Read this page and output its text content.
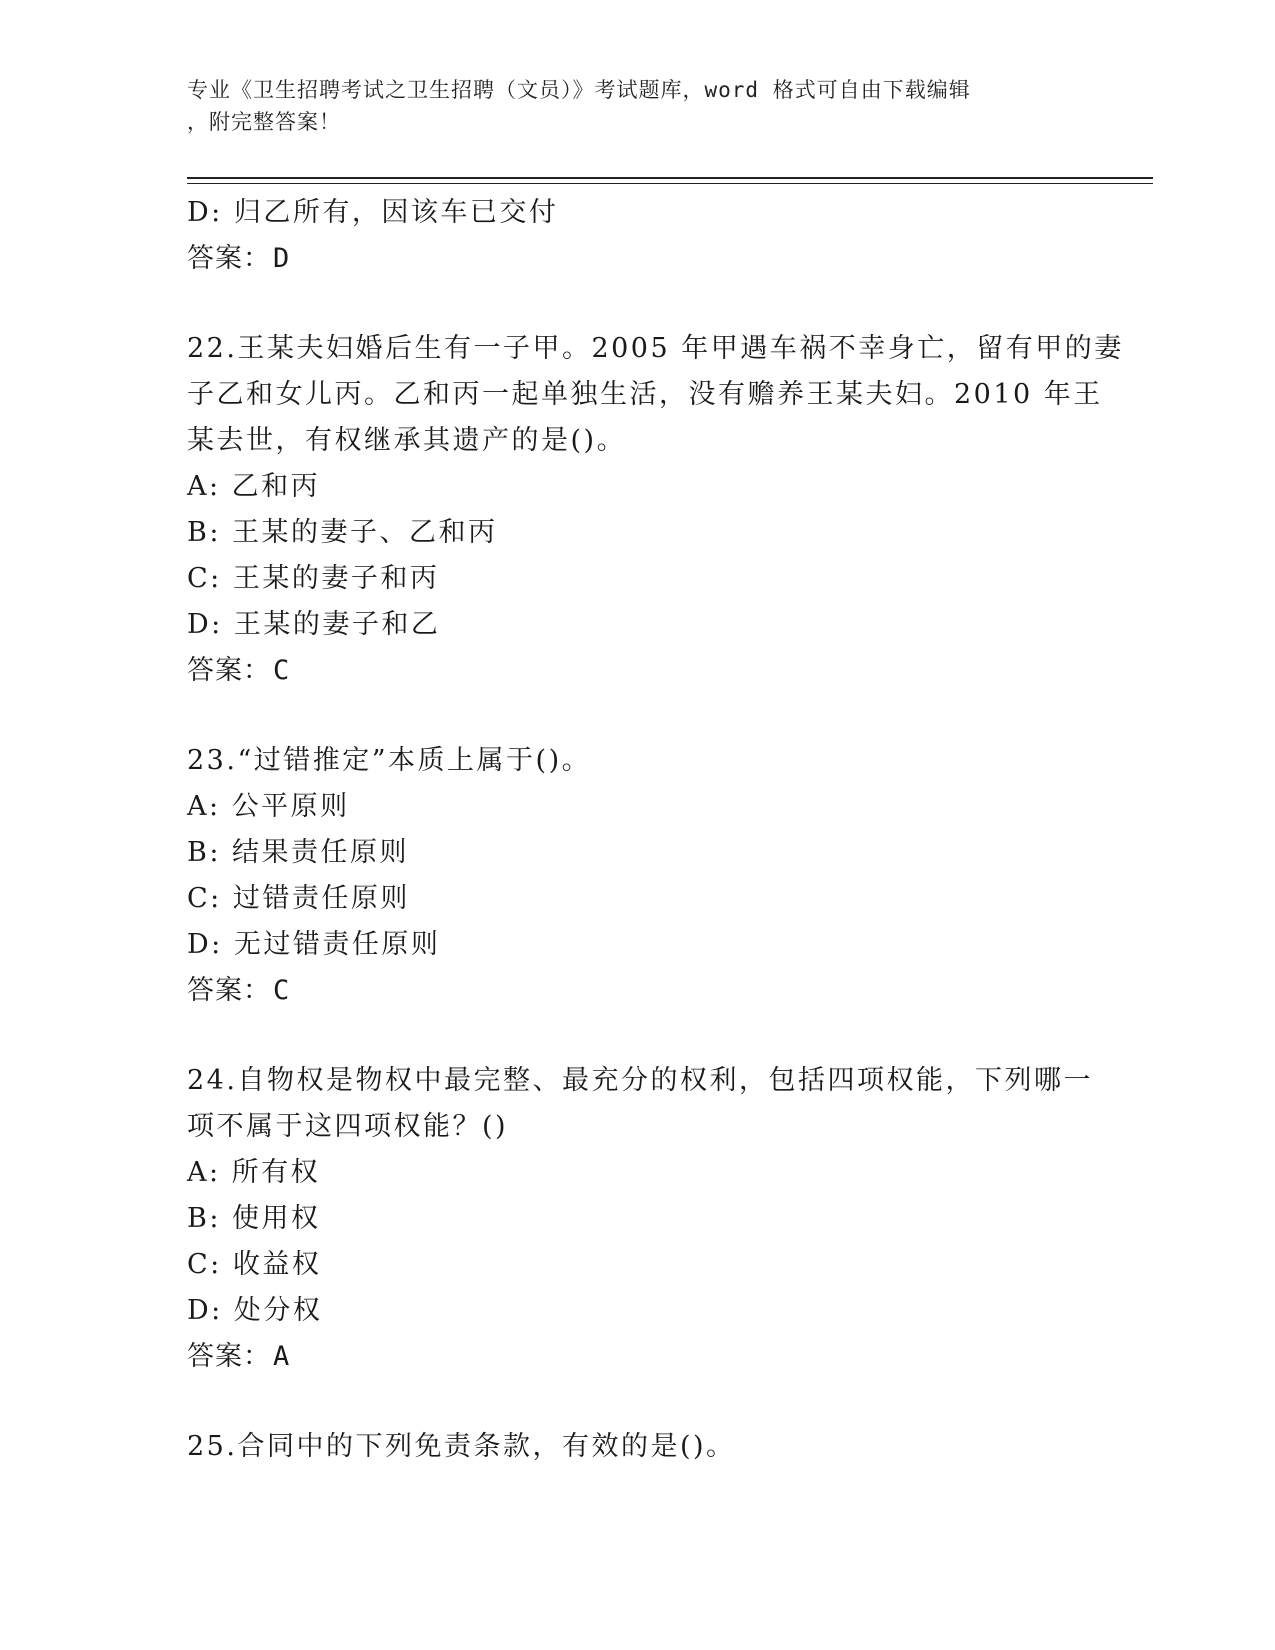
专业《卫生招聘考试之卫生招聘（文员）》考试题库，word 格式可自由下载编辑
，附完整答案！
D: 归乙所有，因该车已交付
答案：D
22.王某夫妇婚后生有一子甲。2005 年甲遇车祸不幸身亡，留有甲的妻
子乙和女儿丙。乙和丙一起单独生活，没有赡养王某夫妇。2010 年王
某去世，有权继承其遗产的是()。
A: 乙和丙
B: 王某的妻子、乙和丙
C: 王某的妻子和丙
D: 王某的妻子和乙
答案：C
23.“过错推定”本质上属于()。
A: 公平原则
B: 结果责任原则
C: 过错责任原则
D: 无过错责任原则
答案：C
24.自物权是物权中最完整、最充分的权利，包括四项权能，下列哪一
项不属于这四项权能？()
A: 所有权
B: 使用权
C: 收益权
D: 处分权
答案：A
25.合同中的下列免责条款，有效的是()。
